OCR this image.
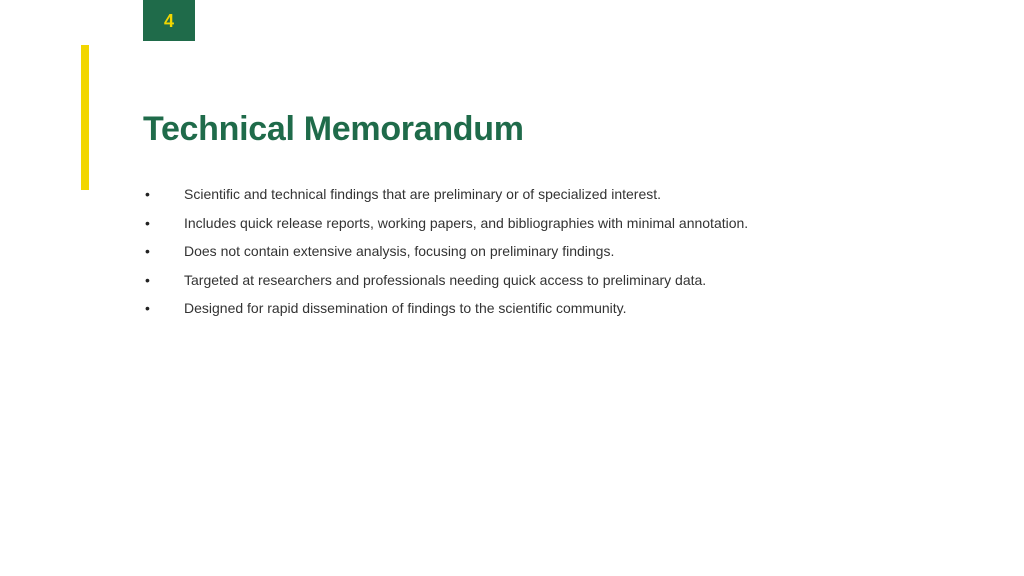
4
Technical Memorandum
•	Scientific and technical findings that are preliminary or of specialized interest.
•	Includes quick release reports, working papers, and bibliographies with minimal annotation.
•	Does not contain extensive analysis, focusing on preliminary findings.
•	Targeted at researchers and professionals needing quick access to preliminary data.
•	Designed for rapid dissemination of findings to the scientific community.
